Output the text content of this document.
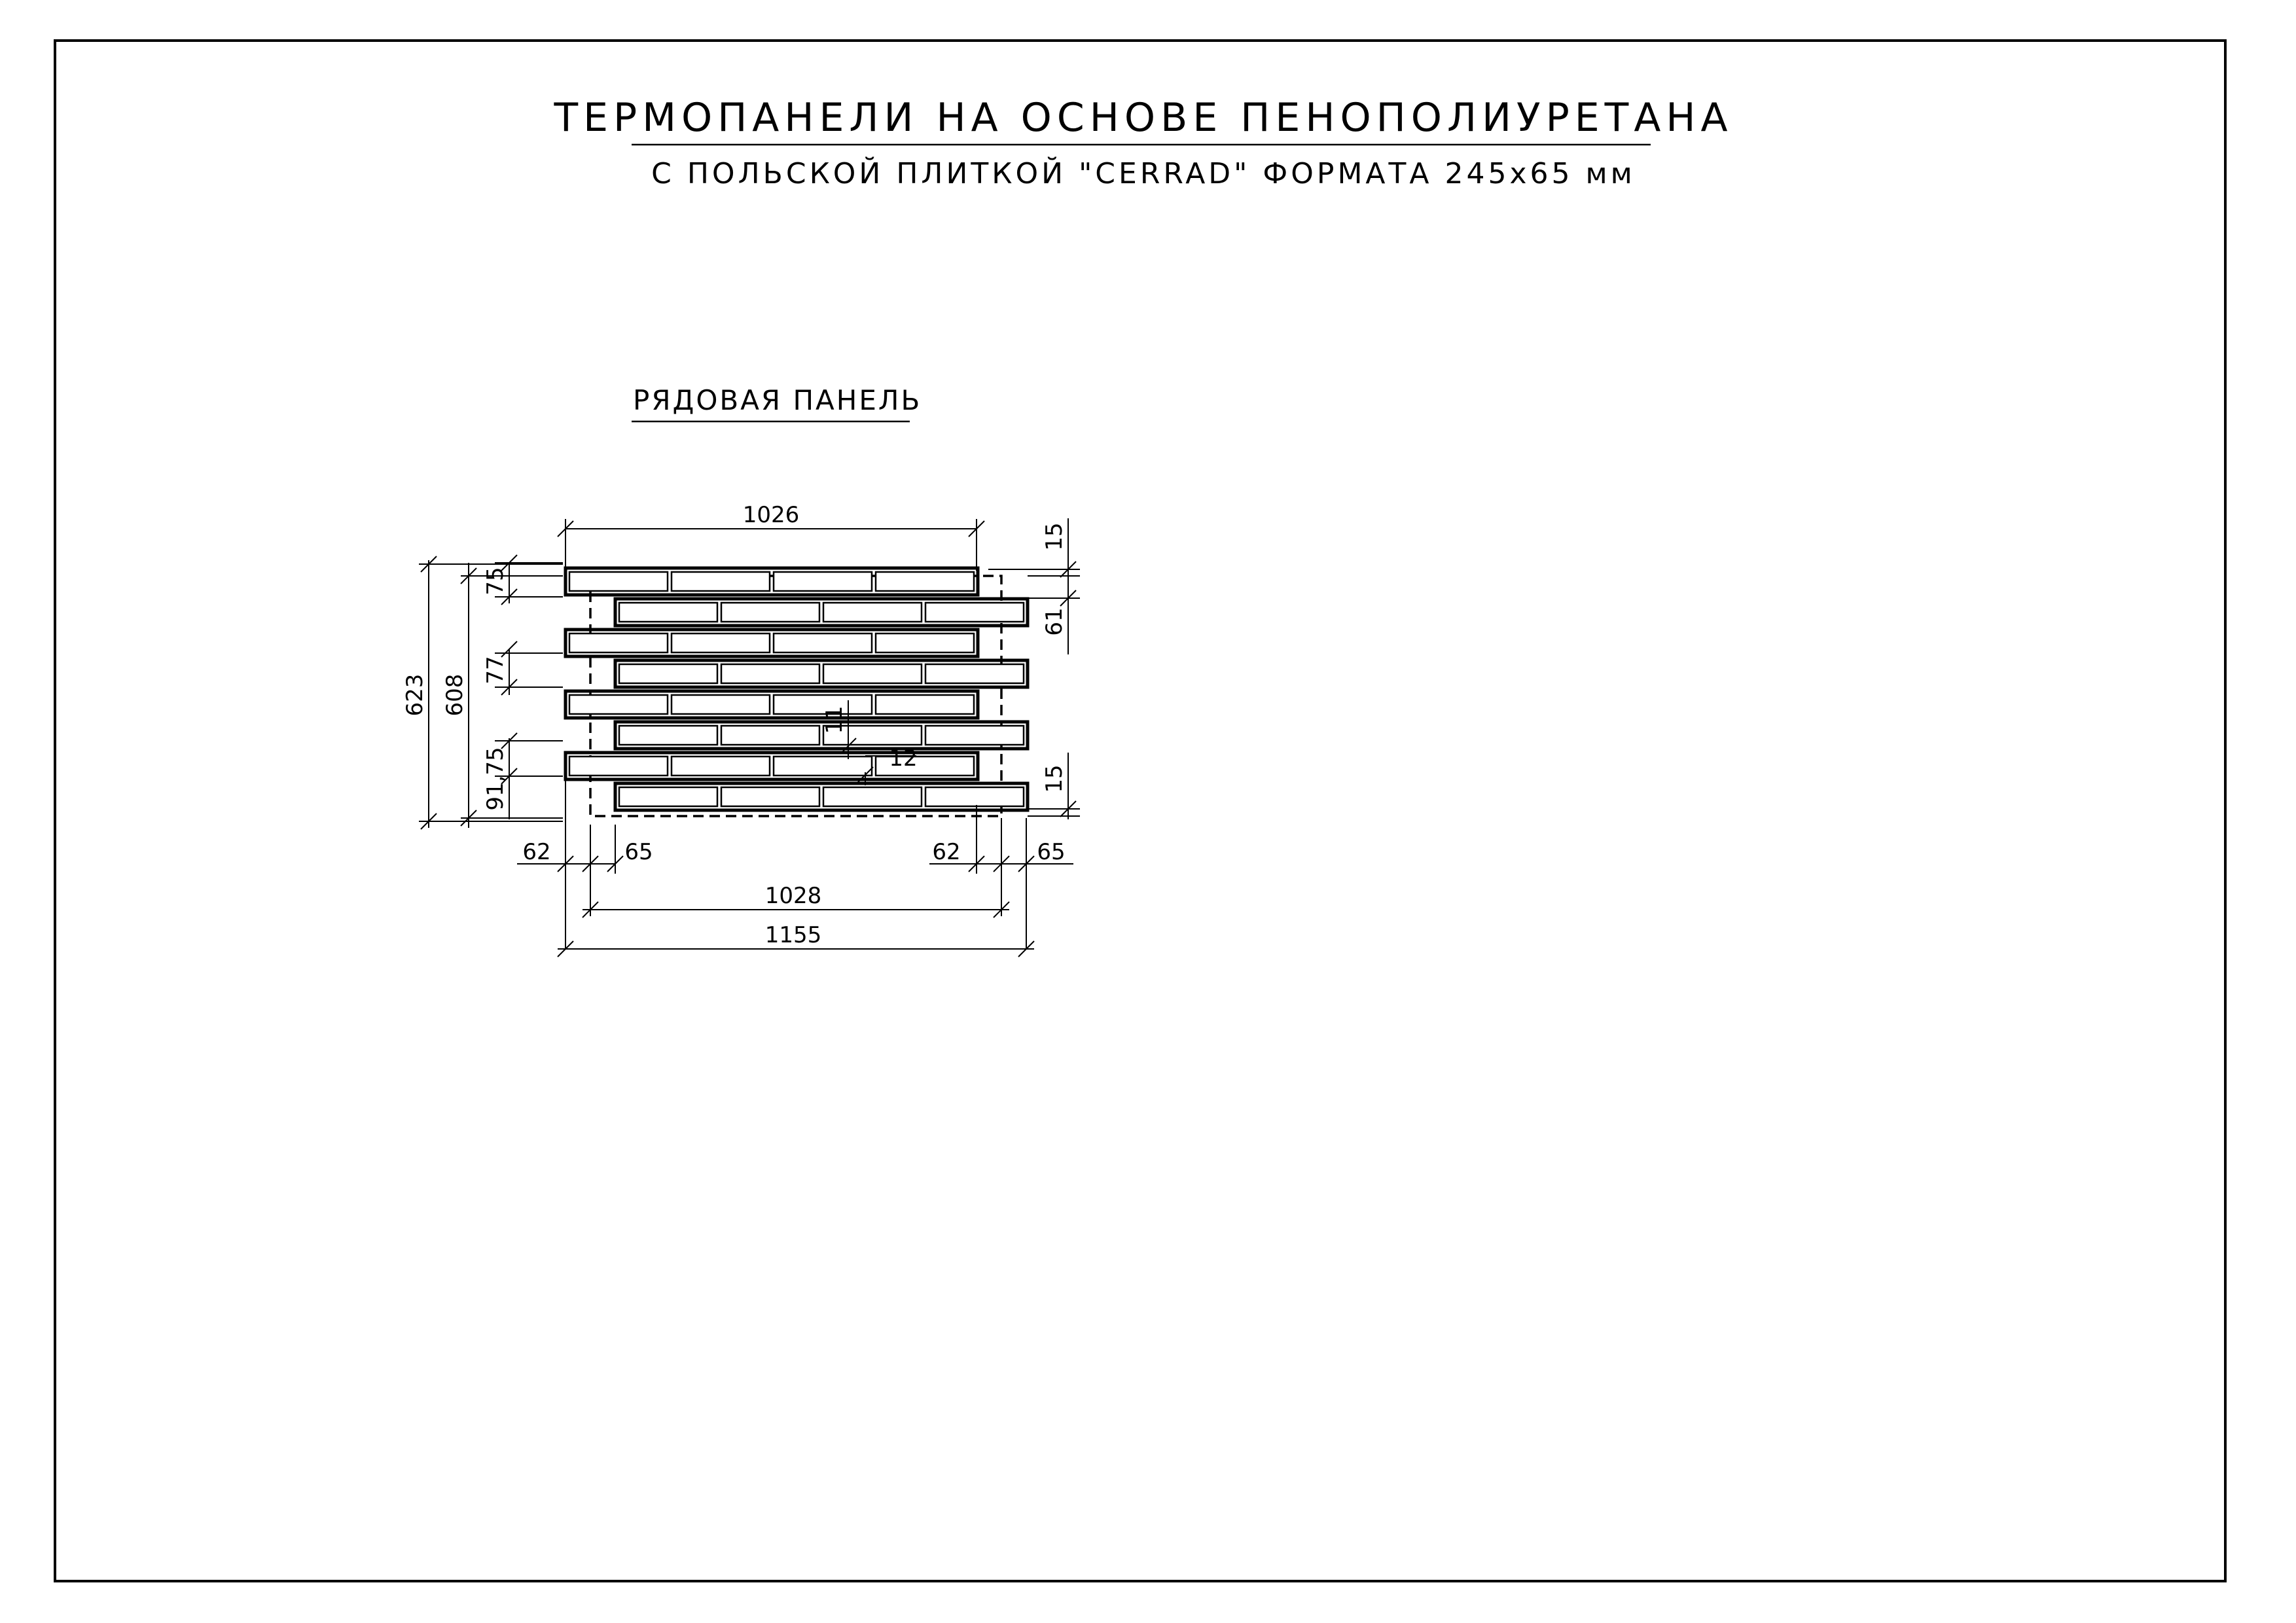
ТЕРМОПАНЕЛИ НА ОСНОВЕ ПЕНОПОЛИУРЕТАНА
С ПОЛЬСКОЙ ПЛИТКОЙ "CERRAD" ФОРМАТА 245х65 мм
РЯДОВАЯ ПАНЕЛЬ
1026
15
61
15
623 608
75
77
91,75
11
12
62	65	62	65
1028
1155
